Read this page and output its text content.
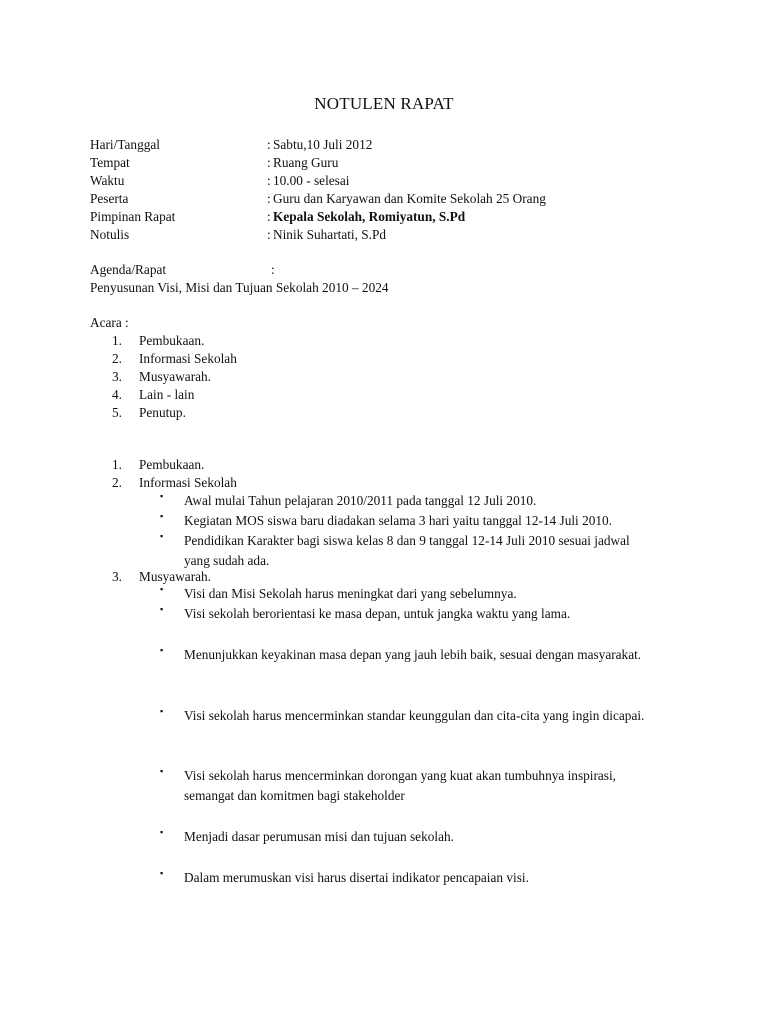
NOTULEN RAPAT
Hari/Tanggal	: Sabtu,10 Juli 2012
Tempat	: Ruang Guru
Waktu	: 10.00 - selesai
Peserta	: Guru dan Karyawan dan Komite Sekolah 25 Orang
Pimpinan Rapat	: Kepala Sekolah, Romiyatun, S.Pd
Notulis	: Ninik Suhartati, S.Pd
Agenda/Rapat	:
Penyusunan Visi, Misi dan Tujuan Sekolah 2010 – 2024
Acara :
1. Pembukaan.
2. Informasi Sekolah
3. Musyawarah.
4. Lain - lain
5. Penutup.
1. Pembukaan.
2. Informasi Sekolah
▪ Awal mulai Tahun pelajaran 2010/2011 pada tanggal 12 Juli 2010.
▪ Kegiatan MOS siswa baru diadakan selama 3 hari yaitu tanggal 12-14 Juli 2010.
▪ Pendidikan Karakter bagi siswa kelas 8 dan 9 tanggal 12-14 Juli 2010 sesuai jadwal yang sudah ada.
3. Musyawarah.
▪ Visi dan Misi Sekolah harus meningkat dari yang sebelumnya.
▪ Visi sekolah berorientasi ke masa depan, untuk jangka waktu yang lama.
▪ Menunjukkan keyakinan masa depan yang jauh lebih baik, sesuai dengan masyarakat.
▪ Visi sekolah harus mencerminkan standar keunggulan dan cita-cita yang ingin dicapai.
▪ Visi sekolah harus mencerminkan dorongan yang kuat akan tumbuhnya inspirasi, semangat dan komitmen bagi stakeholder
▪ Menjadi dasar perumusan misi dan tujuan sekolah.
▪ Dalam merumuskan visi harus disertai indikator pencapaian visi.
